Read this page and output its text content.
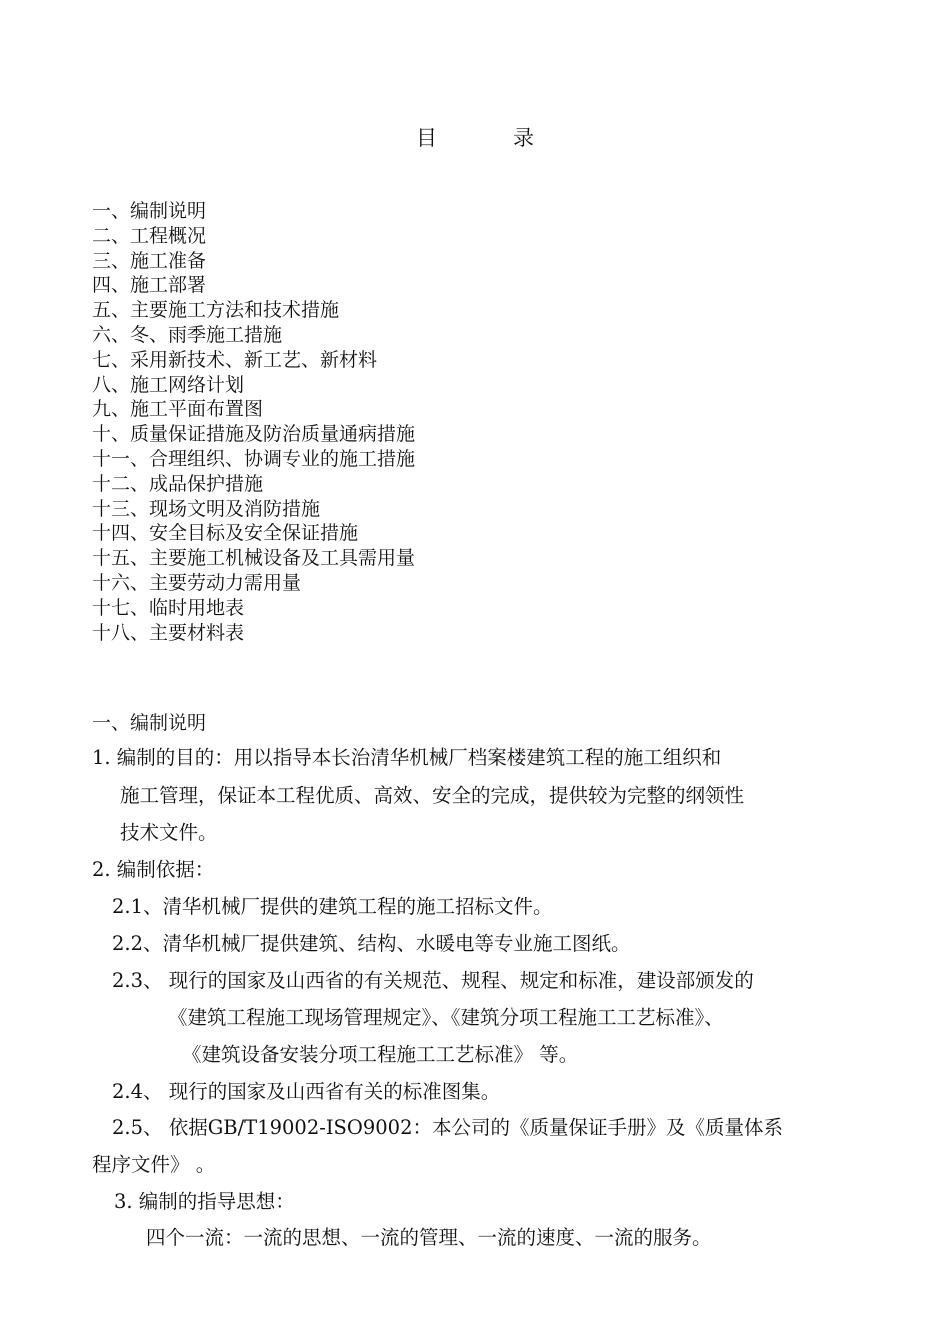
目	录
一、编制说明
二、工程概况
三、施工准备
四、施工部署
五、主要施工方法和技术措施
六、冬、雨季施工措施
七、采用新技术、新工艺、新材料
八、施工网络计划
九、施工平面布置图
十、质量保证措施及防治质量通病措施
十一、合理组织、协调专业的施工措施
十二、成品保护措施
十三、现场文明及消防措施
十四、安全目标及安全保证措施
十五、主要施工机械设备及工具需用量
十六、主要劳动力需用量
十七、临时用地表
十八、主要材料表
一、编制说明
1. 编制的目的：用以指导本长治清华机械厂档案楼建筑工程的施工组织和
施工管理，保证本工程优质、高效、安全的完成，提供较为完整的纲领性
技术文件。
2. 编制依据：
2.1、清华机械厂提供的建筑工程的施工招标文件。
2.2、清华机械厂提供建筑、结构、水暖电等专业施工图纸。
2.3、 现行的国家及山西省的有关规范、规程、规定和标准，建设部颁发的
《建筑工程施工现场管理规定》、《建筑分项工程施工工艺标准》、
《建筑设备安装分项工程施工工艺标准》 等。
2.4、 现行的国家及山西省有关的标准图集。
2.5、 依据GB/T19002-ISO9002：本公司的《质量保证手册》及《质量体系
程序文件》 。
3. 编制的指导思想：
四个一流：一流的思想、一流的管理、一流的速度、一流的服务。
